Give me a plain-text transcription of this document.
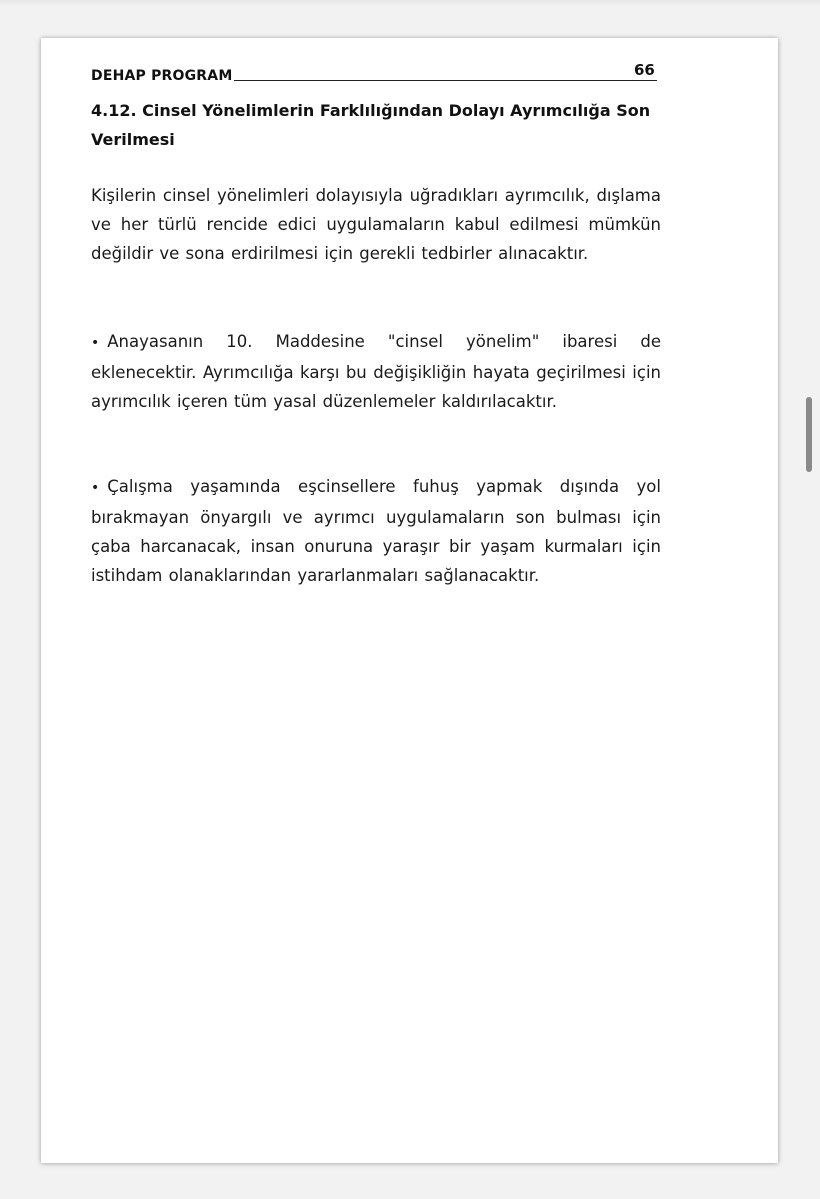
DEHAP PROGRAM	66
4.12. Cinsel Yönelimlerin Farklılığından Dolayı Ayrımcılığa Son Verilmesi

Kişilerin cinsel yönelimleri dolayısıyla uğradıkları ayrımcılık, dışlama ve her türlü rencide edici uygulamaların kabul edilmesi mümkün değildir ve sona erdirilmesi için gerekli tedbirler alınacaktır.

• Anayasanın 10. Maddesine "cinsel yönelim" ibaresi de eklenecektir. Ayrımcılığa karşı bu değişikliğin hayata geçirilmesi için ayrımcılık içeren tüm yasal düzenlemeler kaldırılacaktır.

• Çalışma yaşamında eşcinsellere fuhuş yapmak dışında yol bırakmayan önyargılı ve ayrımcı uygulamaların son bulması için çaba harcanacak, insan onuruna yaraşır bir yaşam kurmaları için istihdam olanaklarından yararlanmaları sağlanacaktır.
